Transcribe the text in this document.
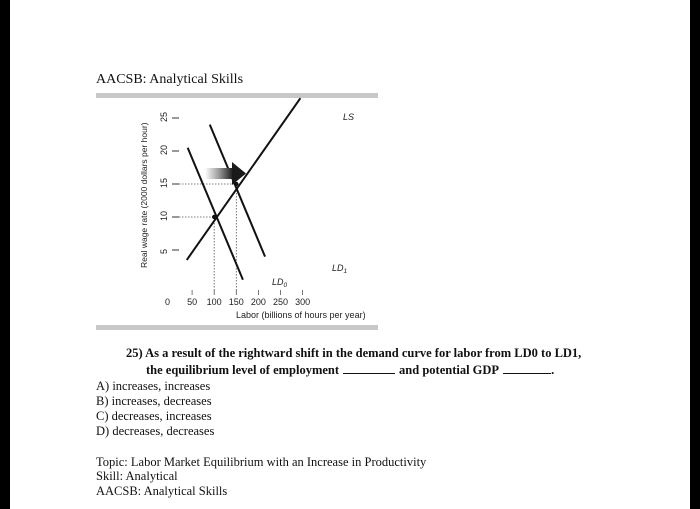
AACSB: Analytical Skills
5
10
15
20
25
50 100 150 200 250 300
LS
$LD_0$
$LD_1$
Real wage rate (2000 dollars per hour)
Labor (billions of hours per year)
0
25) As a result of the rightward shift in the demand curve for labor from LD0 to LD1,
the equilibrium level of employment	and potential GDP	.
A) increases, increases
B) increases, decreases
C) decreases, increases
D) decreases, decreases
Topic: Labor Market Equilibrium with an Increase in Productivity
Skill: Analytical
AACSB: Analytical Skills
